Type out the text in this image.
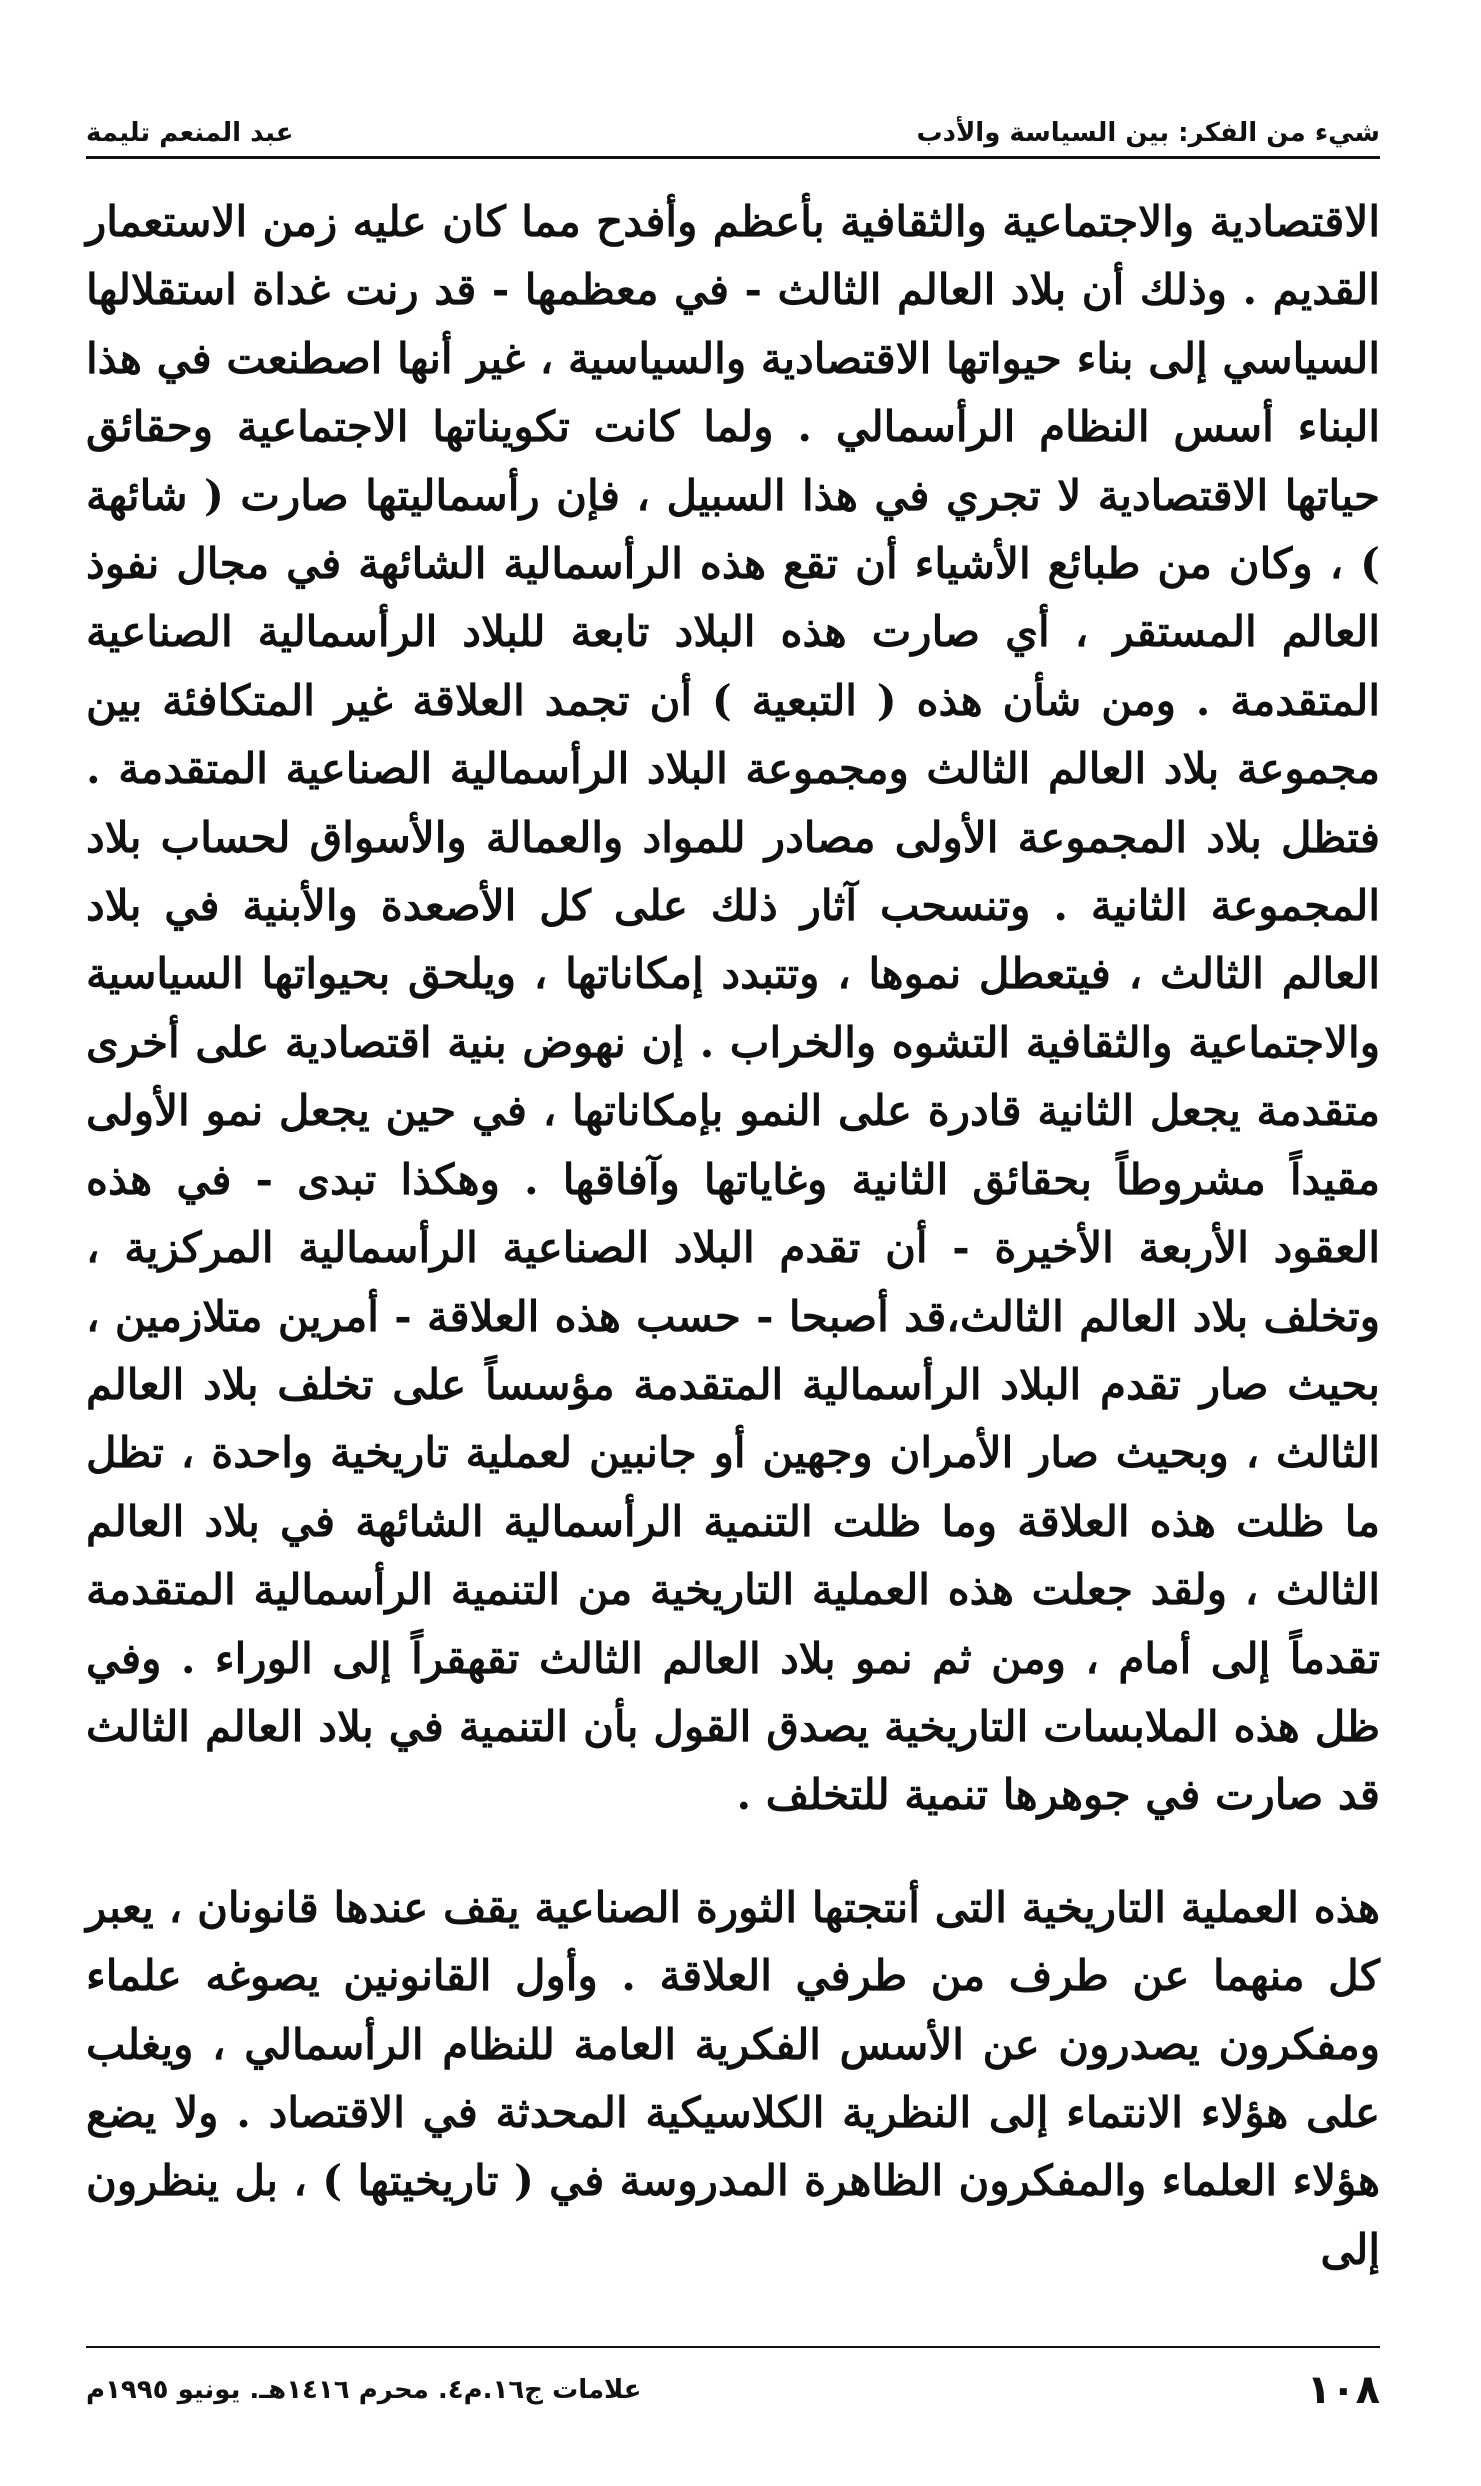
شيء من الفكر: بين السياسة والأدب
عبد المنعم تليمة

الاقتصادية والاجتماعية والثقافية بأعظم وأفدح مما كان عليه زمن الاستعمار القديم . وذلك أن بلاد العالم الثالث - في معظمها - قد رنت غداة استقلالها السياسي إلى بناء حيواتها الاقتصادية والسياسية ، غير أنها اصطنعت في هذا البناء أسس النظام الرأسمالي . ولما كانت تكويناتها الاجتماعية وحقائق حياتها الاقتصادية لا تجري في هذا السبيل ، فإن رأسماليتها صارت ( شائهة ) ، وكان من طبائع الأشياء أن تقع هذه الرأسمالية الشائهة في مجال نفوذ العالم المستقر ، أي صارت هذه البلاد تابعة للبلاد الرأسمالية الصناعية المتقدمة . ومن شأن هذه ( التبعية ) أن تجمد العلاقة غير المتكافئة بين مجموعة بلاد العالم الثالث ومجموعة البلاد الرأسمالية الصناعية المتقدمة . فتظل بلاد المجموعة الأولى مصادر للمواد والعمالة والأسواق لحساب بلاد المجموعة الثانية . وتنسحب آثار ذلك على كل الأصعدة والأبنية في بلاد العالم الثالث ، فيتعطل نموها ، وتتبدد إمكاناتها ، ويلحق بحيواتها السياسية والاجتماعية والثقافية التشوه والخراب . إن نهوض بنية اقتصادية على أخرى متقدمة يجعل الثانية قادرة على النمو بإمكاناتها ، في حين يجعل نمو الأولى مقيداً مشروطاً بحقائق الثانية وغاياتها وآفاقها . وهكذا تبدى - في هذه العقود الأربعة الأخيرة - أن تقدم البلاد الصناعية الرأسمالية المركزية ، وتخلف بلاد العالم الثالث،قد أصبحا - حسب هذه العلاقة - أمرين متلازمين ، بحيث صار تقدم البلاد الرأسمالية المتقدمة مؤسساً على تخلف بلاد العالم الثالث ، وبحيث صار الأمران وجهين أو جانبين لعملية تاريخية واحدة ، تظل ما ظلت هذه العلاقة وما ظلت التنمية الرأسمالية الشائهة في بلاد العالم الثالث ، ولقد جعلت هذه العملية التاريخية من التنمية الرأسمالية المتقدمة تقدماً إلى أمام ، ومن ثم نمو بلاد العالم الثالث تقهقراً إلى الوراء . وفي ظل هذه الملابسات التاريخية يصدق القول بأن التنمية في بلاد العالم الثالث قد صارت في جوهرها تنمية للتخلف .

هذه العملية التاريخية التى أنتجتها الثورة الصناعية يقف عندها قانونان ، يعبر كل منهما عن طرف من طرفي العلاقة . وأول القانونين يصوغه علماء ومفكرون يصدرون عن الأسس الفكرية العامة للنظام الرأسمالي ، ويغلب على هؤلاء الانتماء إلى النظرية الكلاسيكية المحدثة في الاقتصاد . ولا يضع هؤلاء العلماء والمفكرون الظاهرة المدروسة في ( تاريخيتها ) ، بل ينظرون إلى

١٠٨
علامات ج١٦.م٤. محرم ١٤١٦هـ. يونيو ١٩٩٥م
